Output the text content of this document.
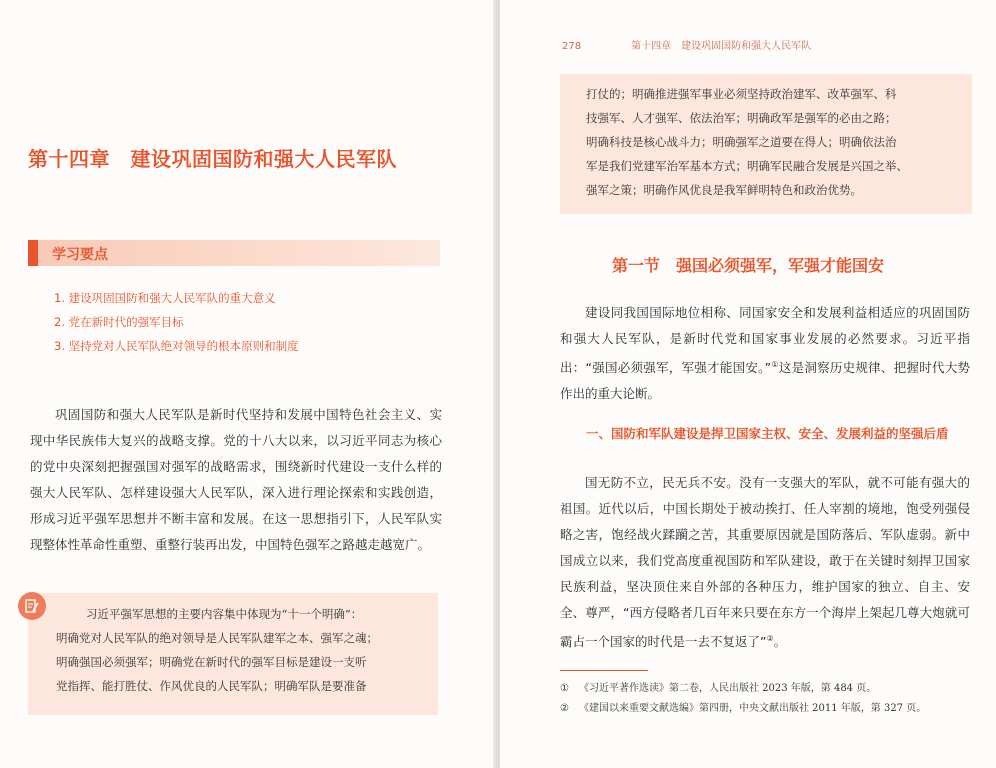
第十四章　建设巩固国防和强大人民军队
学习要点
1. 建设巩固国防和强大人民军队的重大意义
2. 党在新时代的强军目标
3. 坚持党对人民军队绝对领导的根本原则和制度

巩固国防和强大人民军队是新时代坚持和发展中国特色社会主义、实现中华民族伟大复兴的战略支撑。党的十八大以来，以习近平同志为核心的党中央深刻把握强国对强军的战略需求，围绕新时代建设一支什么样的强大人民军队、怎样建设强大人民军队，深入进行理论探索和实践创造，形成习近平强军思想并不断丰富和发展。在这一思想指引下，人民军队实现整体性革命性重塑、重整行装再出发，中国特色强军之路越走越宽广。

习近平强军思想的主要内容集中体现为“十一个明确”：
明确党对人民军队的绝对领导是人民军队建军之本、强军之魂；
明确强国必须强军；明确党在新时代的强军目标是建设一支听
党指挥、能打胜仗、作风优良的人民军队；明确军队是要准备

278	第十四章　建设巩固国防和强大人民军队

打仗的；明确推进强军事业必须坚持政治建军、改革强军、科
技强军、人才强军、依法治军；明确政军是强军的必由之路；
明确科技是核心战斗力；明确强军之道要在得人；明确依法治
军是我们党建军治军基本方式；明确军民融合发展是兴国之举、
强军之策；明确作风优良是我军鲜明特色和政治优势。

第一节　强国必须强军，军强才能国安

建设同我国国际地位相称、同国家安全和发展利益相适应的巩固国防和强大人民军队，是新时代党和国家事业发展的必然要求。习近平指出：“强国必须强军，军强才能国安。”①这是洞察历史规律、把握时代大势作出的重大论断。

一、国防和军队建设是捍卫国家主权、安全、发展利益的坚强后盾

国无防不立，民无兵不安。没有一支强大的军队，就不可能有强大的祖国。近代以后，中国长期处于被动挨打、任人宰割的境地，饱受列强侵略之害，饱经战火蹂躏之苦，其重要原因就是国防落后、军队虚弱。新中国成立以来，我们党高度重视国防和军队建设，敢于在关键时刻捍卫国家民族利益，坚决顶住来自外部的各种压力，维护国家的独立、自主、安全、尊严，“西方侵略者几百年来只要在东方一个海岸上架起几尊大炮就可霸占一个国家的时代是一去不复返了”②。

① 《习近平著作选读》第二卷，人民出版社 2023 年版，第 484 页。
② 《建国以来重要文献选编》第四册，中央文献出版社 2011 年版，第 327 页。
